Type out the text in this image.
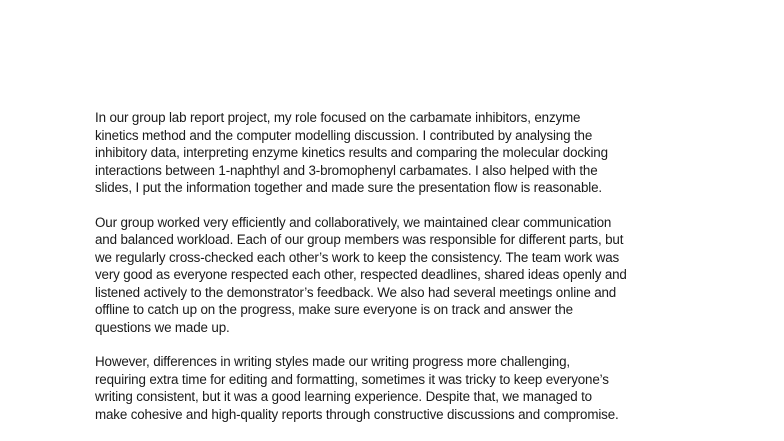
In our group lab report project, my role focused on the carbamate inhibitors, enzyme
kinetics method and the computer modelling discussion. I contributed by analysing the
inhibitory data, interpreting enzyme kinetics results and comparing the molecular docking
interactions between 1-naphthyl and 3-bromophenyl carbamates. I also helped with the
slides, I put the information together and made sure the presentation flow is reasonable.

Our group worked very efficiently and collaboratively, we maintained clear communication
and balanced workload. Each of our group members was responsible for different parts, but
we regularly cross-checked each other’s work to keep the consistency. The team work was
very good as everyone respected each other, respected deadlines, shared ideas openly and
listened actively to the demonstrator’s feedback. We also had several meetings online and
offline to catch up on the progress, make sure everyone is on track and answer the
questions we made up.

However, differences in writing styles made our writing progress more challenging,
requiring extra time for editing and formatting, sometimes it was tricky to keep everyone’s
writing consistent, but it was a good learning experience. Despite that, we managed to
make cohesive and high-quality reports through constructive discussions and compromise.
